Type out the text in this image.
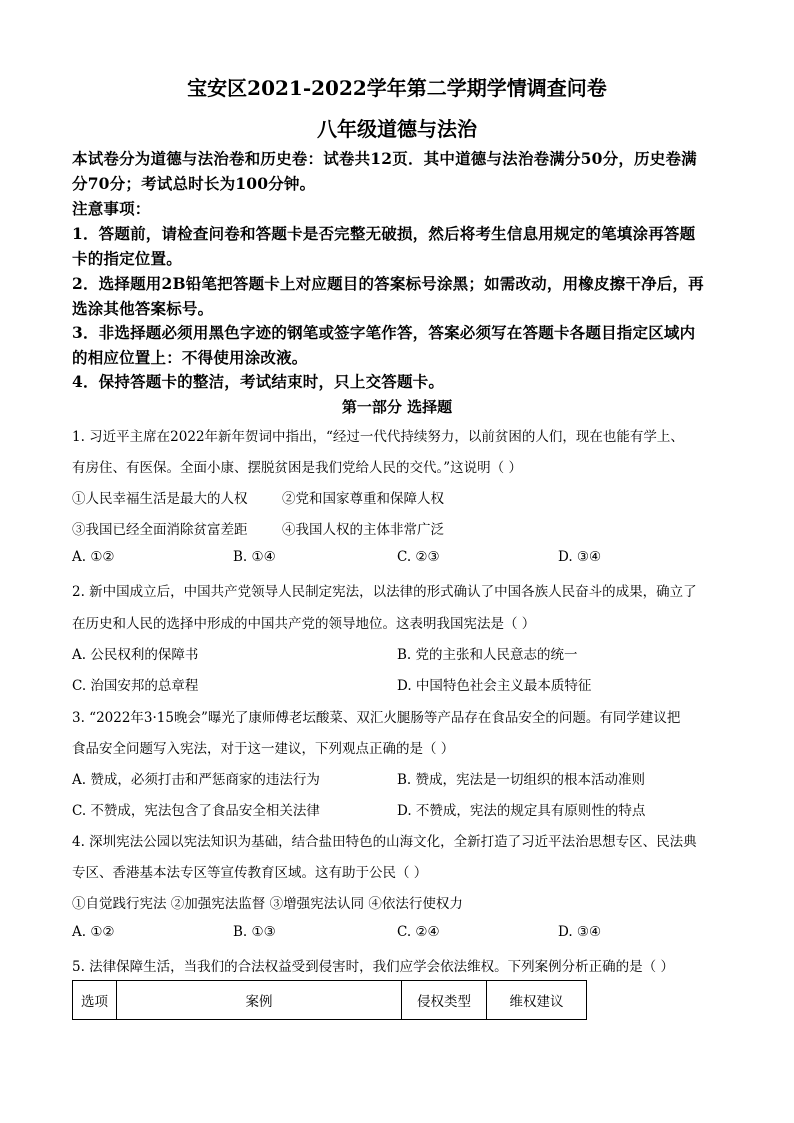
宝安区2021-2022学年第二学期学情调查问卷
八年级道德与法治
本试卷分为道德与法治卷和历史卷：试卷共12页．其中道德与法治卷满分50分，历史卷满
分70分；考试总时长为100分钟。
注意事项：
1．答题前，请检查问卷和答题卡是否完整无破损，然后将考生信息用规定的笔填涂再答题
卡的指定位置。
2．选择题用2B铅笔把答题卡上对应题目的答案标号涂黑；如需改动，用橡皮擦干净后，再
选涂其他答案标号。
3．非选择题必须用黑色字迹的钢笔或签字笔作答，答案必须写在答题卡各题目指定区域内
的相应位置上：不得使用涂改液。
4．保持答题卡的整洁，考试结束时，只上交答题卡。
第一部分 选择题
1. 习近平主席在2022年新年贺词中指出，“经过一代代持续努力，以前贫困的人们，现在也能有学上、
有房住、有医保。全面小康、摆脱贫困是我们党给人民的交代。”这说明（ ）
①人民幸福生活是最大的人权	②党和国家尊重和保障人权
③我国已经全面消除贫富差距	④我国人权的主体非常广泛
A. ①②	B. ①④	C. ②③	D. ③④
2. 新中国成立后，中国共产党领导人民制定宪法，以法律的形式确认了中国各族人民奋斗的成果，确立了
在历史和人民的选择中形成的中国共产党的领导地位。这表明我国宪法是（ ）
A. 公民权利的保障书	B. 党的主张和人民意志的统一
C. 治国安邦的总章程	D. 中国特色社会主义最本质特征
3. “2022年3·15晚会”曝光了康师傅老坛酸菜、双汇火腿肠等产品存在食品安全的问题。有同学建议把
食品安全问题写入宪法，对于这一建议，下列观点正确的是（ ）
A. 赞成，必须打击和严惩商家的违法行为	B. 赞成，宪法是一切组织的根本活动准则
C. 不赞成，宪法包含了食品安全相关法律	D. 不赞成，宪法的规定具有原则性的特点
4. 深圳宪法公园以宪法知识为基础，结合盐田特色的山海文化，全新打造了习近平法治思想专区、民法典
专区、香港基本法专区等宣传教育区域。这有助于公民（ ）
①自觉践行宪法 ②加强宪法监督 ③增强宪法认同 ④依法行使权力
A. ①②	B. ①③	C. ②④	D. ③④
5. 法律保障生活，当我们的合法权益受到侵害时，我们应学会依法维权。下列案例分析正确的是（ ）
选项	案例	侵权类型	维权建议
